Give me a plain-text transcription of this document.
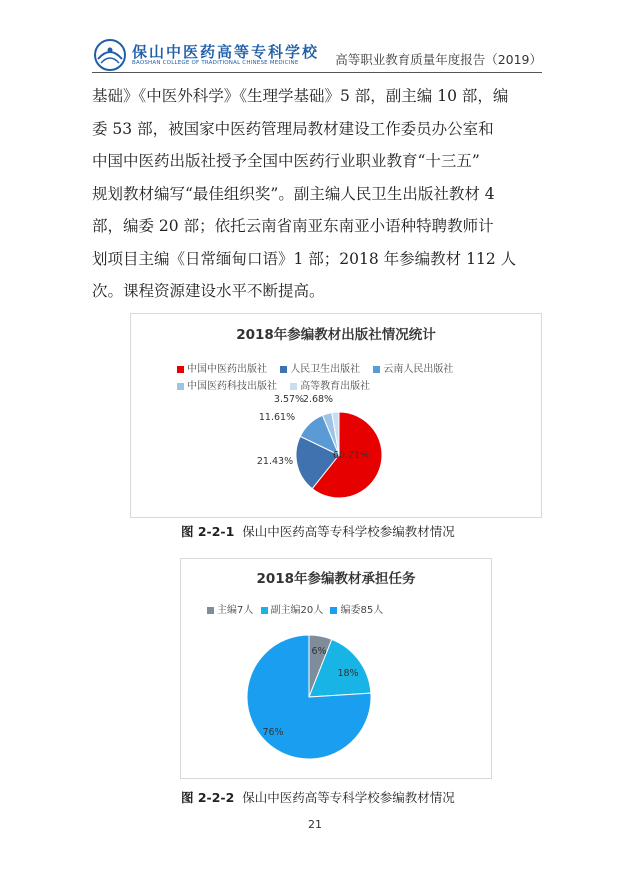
保山中医药高等专科学校
BAOSHAN COLLEGE OF TRADITIONAL CHINESE MEDICINE	高等职业教育质量年度报告（2019）
基础》《中医外科学》《生理学基础》5 部，副主编 10 部，编
委 53 部，被国家中医药管理局教材建设工作委员办公室和
中国中医药出版社授予全国中医药行业职业教育“十三五”
规划教材编写“最佳组织奖”。副主编人民卫生出版社教材 4
部，编委 20 部；依托云南省南亚东南亚小语种特聘教师计
划项目主编《日常缅甸口语》1 部；2018 年参编教材 112 人
次。课程资源建设水平不断提高。
60.71%
21.43%
11.61%
3.57%
2.68%
2018年参编教材出版社情况统计
中国中医药出版社 人民卫生出版社 云南人民出版社
中国医药科技出版社 高等教育出版社
图 2-2-1 保山中医药高等专科学校参编教材情况
6%
18%
76%
2018年参编教材承担任务
主编7人 副主编20人 编委85人
图 2-2-2 保山中医药高等专科学校参编教材情况
21
